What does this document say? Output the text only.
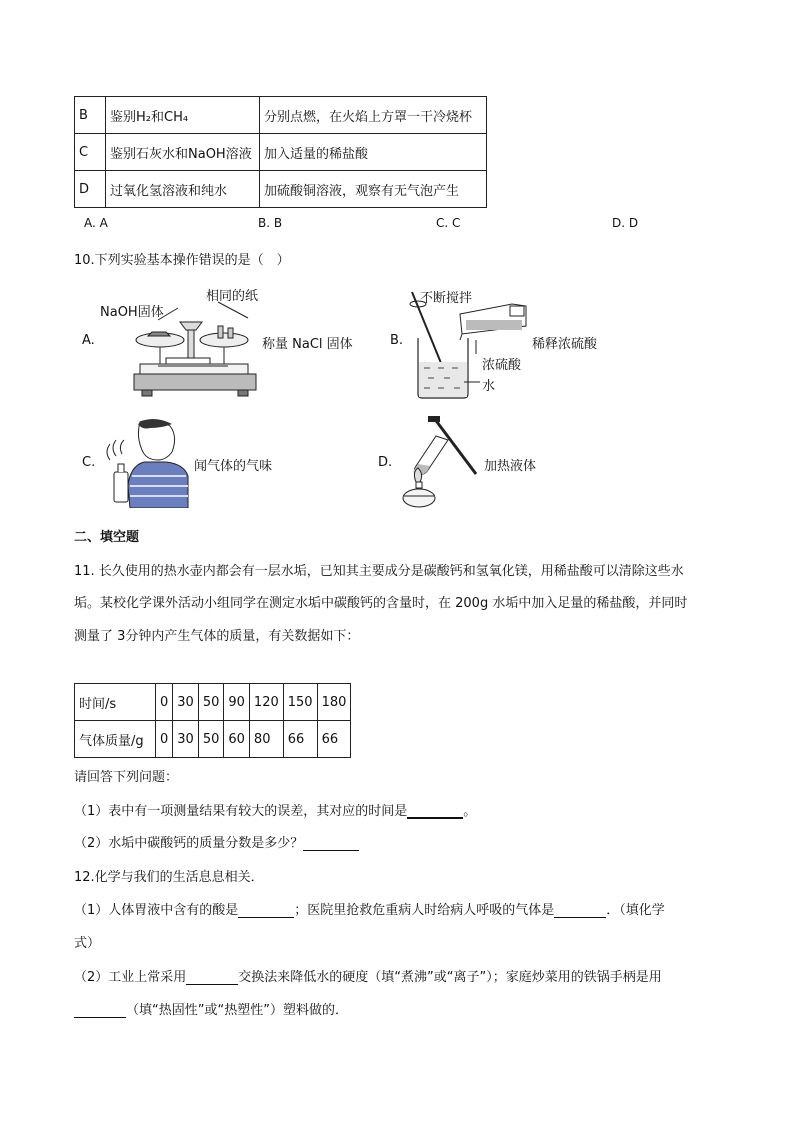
B	鉴别H₂和CH₄	分别点燃，在火焰上方罩一干冷烧杯
C	鉴别石灰水和NaOH溶液	加入适量的稀盐酸
D	过氧化氢溶液和纯水	加硫酸铜溶液，观察有无气泡产生
A. A	B. B	C. C	D. D
10.下列实验基本操作错误的是（　）
A.
NaOH固体
相同的纸
称量 NaCl 固体	B.
不断搅拌
稀释浓硫酸
浓硫酸
水
C.	闻气体的气味	D.	加热液体
二、填空题
11. 长久使用的热水壶内都会有一层水垢，已知其主要成分是碳酸钙和氢氧化镁，用稀盐酸可以清除这些水
垢。某校化学课外活动小组同学在测定水垢中碳酸钙的含量时，在 200g 水垢中加入足量的稀盐酸，并同时
测量了 3分钟内产生气体的质量，有关数据如下：
时间/s	0	30	50	90	120	150	180
气体质量/g	0	30	50	60	80	66	66
请回答下列问题：
（1）表中有一项测量结果有较大的误差，其对应的时间是	。
（2）水垢中碳酸钙的质量分数是多少？
12.化学与我们的生活息息相关．
（1）人体胃液中含有的酸是	；医院里抢救危重病人时给病人呼吸的气体是	．（填化学
式）
（2）工业上常采用	交换法来降低水的硬度（填“煮沸”或“离子”）；家庭炒菜用的铁锅手柄是用
（填“热固性”或“热塑性”）塑料做的．
